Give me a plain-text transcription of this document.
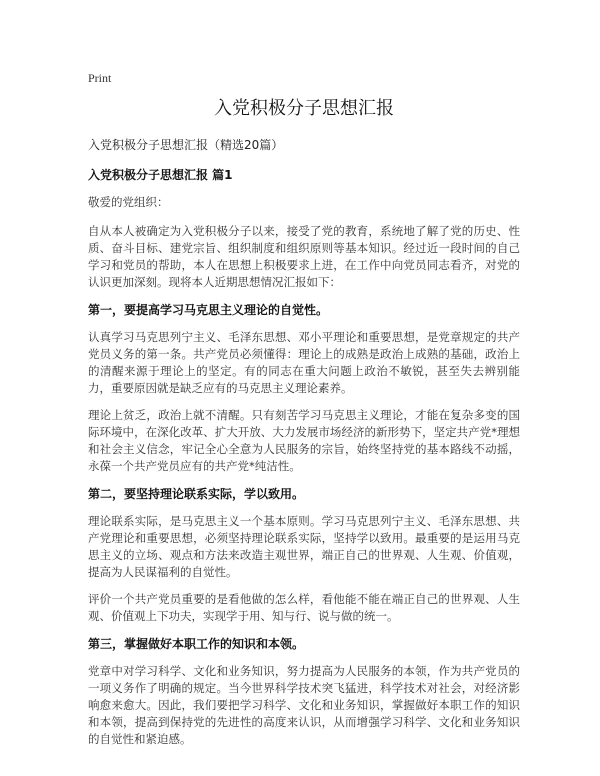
Print
入党积极分子思想汇报
入党积极分子思想汇报（精选20篇）
入党积极分子思想汇报 篇1

敬爱的党组织：

自从本人被确定为入党积极分子以来，接受了党的教育，系统地了解了党的历史、性质、奋斗目标、建党宗旨、组织制度和组织原则等基本知识。经过近一段时间的自己学习和党员的帮助，本人在思想上积极要求上进，在工作中向党员同志看齐，对党的认识更加深刻。现将本人近期思想情况汇报如下：

第一，要提高学习马克思主义理论的自觉性。

认真学习马克思列宁主义、毛泽东思想、邓小平理论和重要思想，是党章规定的共产党员义务的第一条。共产党员必须懂得：理论上的成熟是政治上成熟的基础，政治上的清醒来源于理论上的坚定。有的同志在重大问题上政治不敏锐，甚至失去辨别能力，重要原因就是缺乏应有的马克思主义理论素养。

理论上贫乏，政治上就不清醒。只有刻苦学习马克思主义理论，才能在复杂多变的国际环境中，在深化改革、扩大开放、大力发展市场经济的新形势下，坚定共产党*理想和社会主义信念，牢记全心全意为人民服务的宗旨，始终坚持党的基本路线不动摇，永葆一个共产党员应有的共产党*纯洁性。

第二，要坚持理论联系实际，学以致用。

理论联系实际，是马克思主义一个基本原则。学习马克思列宁主义、毛泽东思想、共产党理论和重要思想，必须坚持理论联系实际，坚持学以致用。最重要的是运用马克思主义的立场、观点和方法来改造主观世界，端正自己的世界观、人生观、价值观，提高为人民谋福利的自觉性。

评价一个共产党员重要的是看他做的怎么样，看他能不能在端正自己的世界观、人生观、价值观上下功夫，实现学于用、知与行、说与做的统一。

第三，掌握做好本职工作的知识和本领。

党章中对学习科学、文化和业务知识，努力提高为人民服务的本领，作为共产党员的一项义务作了明确的规定。当今世界科学技术突飞猛进，科学技术对社会，对经济影响愈来愈大。因此，我们要把学习科学、文化和业务知识，掌握做好本职工作的知识和本领，提高到保持党的先进性的高度来认识，从而增强学习科学、文化和业务知识的自觉性和紧迫感。
